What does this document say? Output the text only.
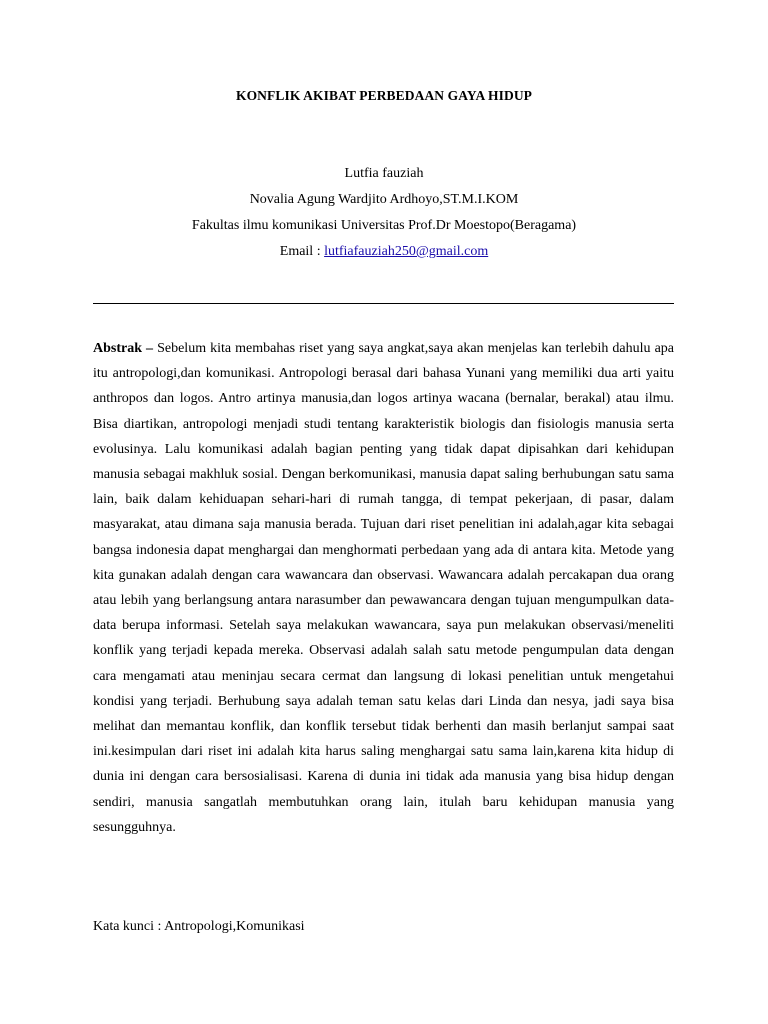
KONFLIK AKIBAT PERBEDAAN GAYA HIDUP
Lutfia fauziah
Novalia Agung Wardjito Ardhoyo,ST.M.I.KOM
Fakultas ilmu komunikasi Universitas Prof.Dr Moestopo(Beragama)
Email : lutfiafauziah250@gmail.com
Abstrak – Sebelum kita membahas riset yang saya angkat,saya akan menjelas kan terlebih dahulu apa itu antropologi,dan komunikasi. Antropologi berasal dari bahasa Yunani yang memiliki dua arti yaitu anthropos dan logos. Antro artinya manusia,dan logos artinya wacana (bernalar, berakal) atau ilmu. Bisa diartikan, antropologi menjadi studi tentang karakteristik biologis dan fisiologis manusia serta evolusinya. Lalu komunikasi adalah bagian penting yang tidak dapat dipisahkan dari kehidupan manusia sebagai makhluk sosial. Dengan berkomunikasi, manusia dapat saling berhubungan satu sama lain, baik dalam kehiduapan sehari-hari di rumah tangga, di tempat pekerjaan, di pasar, dalam masyarakat, atau dimana saja manusia berada. Tujuan dari riset penelitian ini adalah,agar kita sebagai bangsa indonesia dapat menghargai dan menghormati perbedaan yang ada di antara kita. Metode yang kita gunakan adalah dengan cara wawancara dan observasi. Wawancara adalah percakapan dua orang atau lebih yang berlangsung antara narasumber dan pewawancara dengan tujuan mengumpulkan data-data berupa informasi. Setelah saya melakukan wawancara, saya pun melakukan observasi/meneliti konflik yang terjadi kepada mereka. Observasi adalah salah satu metode pengumpulan data dengan cara mengamati atau meninjau secara cermat dan langsung di lokasi penelitian untuk mengetahui kondisi yang terjadi. Berhubung saya adalah teman satu kelas dari Linda dan nesya, jadi saya bisa melihat dan memantau konflik, dan konflik tersebut tidak berhenti dan masih berlanjut sampai saat ini.kesimpulan dari riset ini adalah kita harus saling menghargai satu sama lain,karena kita hidup di dunia ini dengan cara bersosialisasi. Karena di dunia ini tidak ada manusia yang bisa hidup dengan sendiri, manusia sangatlah membutuhkan orang lain, itulah baru kehidupan manusia yang sesungguhnya.
Kata kunci : Antropologi,Komunikasi
